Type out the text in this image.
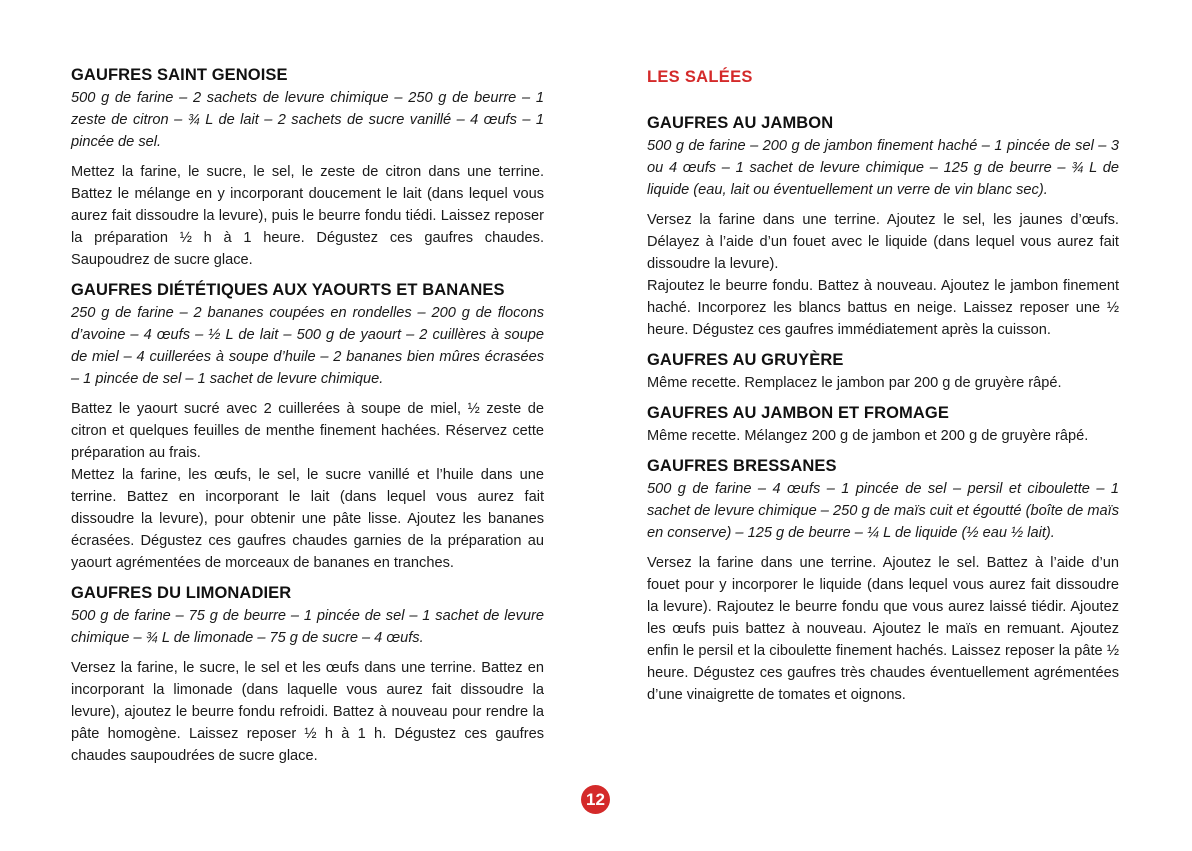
GAUFRES SAINT GENOISE

500 g de farine – 2 sachets de levure chimique – 250 g de beurre – 1 zeste de citron – ¾ L de lait – 2 sachets de sucre vanillé – 4 œufs – 1 pincée de sel.

Mettez la farine, le sucre, le sel, le zeste de citron dans une terrine. Battez le mélange en y incorporant doucement le lait (dans lequel vous aurez fait dissoudre la levure), puis le beurre fondu tiédi. Laissez reposer la préparation ½ h à 1 heure. Dégustez ces gaufres chaudes. Saupoudrez de sucre glace.

GAUFRES DIÉTÉTIQUES AUX YAOURTS ET BANANES

250 g de farine – 2 bananes coupées en rondelles – 200 g de flocons d’avoine – 4 œufs – ½ L de lait – 500 g de yaourt – 2 cuillères à soupe de miel – 4 cuillerées à soupe d’huile – 2 bananes bien mûres écrasées – 1 pincée de sel – 1 sachet de levure chimique.

Battez le yaourt sucré avec 2 cuillerées à soupe de miel, ½ zeste de citron et quelques feuilles de menthe finement hachées. Réservez cette préparation au frais.

Mettez la farine, les œufs, le sel, le sucre vanillé et l’huile dans une terrine. Battez en incorporant le lait (dans lequel vous aurez fait dissoudre la levure), pour obtenir une pâte lisse. Ajoutez les bananes écrasées. Dégustez ces gaufres chaudes garnies de la préparation au yaourt agrémentées de morceaux de bananes en tranches.

GAUFRES DU LIMONADIER

500 g de farine – 75 g de beurre – 1 pincée de sel – 1 sachet de levure chimique – ¾ L de limonade – 75 g de sucre – 4 œufs.

Versez la farine, le sucre, le sel et les œufs dans une terrine. Battez en incorporant la limonade (dans laquelle vous aurez fait dissoudre la levure), ajoutez le beurre fondu refroidi. Battez à nouveau pour rendre la pâte homogène. Laissez reposer ½ h à 1 h. Dégustez ces gaufres chaudes saupoudrées de sucre glace.

LES SALÉES
GAUFRES AU JAMBON

500 g de farine – 200 g de jambon finement haché – 1 pincée de sel – 3 ou 4 œufs – 1 sachet de levure chimique – 125 g de beurre – ¾ L de liquide (eau, lait ou éventuellement un verre de vin blanc sec).

Versez la farine dans une terrine. Ajoutez le sel, les jaunes d’œufs. Délayez à l’aide d’un fouet avec le liquide (dans lequel vous aurez fait dissoudre la levure).

Rajoutez le beurre fondu. Battez à nouveau. Ajoutez le jambon finement haché. Incorporez les blancs battus en neige. Laissez reposer une ½ heure. Dégustez ces gaufres immédiatement après la cuisson.

GAUFRES AU GRUYÈRE

Même recette. Remplacez le jambon par 200 g de gruyère râpé.

GAUFRES AU JAMBON ET FROMAGE

Même recette. Mélangez 200 g de jambon et 200 g de gruyère râpé.

GAUFRES BRESSANES

500 g de farine – 4 œufs – 1 pincée de sel – persil et ciboulette – 1 sachet de levure chimique – 250 g de maïs cuit et égoutté (boîte de maïs en conserve) – 125 g de beurre – ¼ L de liquide (½ eau ½ lait).

Versez la farine dans une terrine. Ajoutez le sel. Battez à l’aide d’un fouet pour y incorporer le liquide (dans lequel vous aurez fait dissoudre la levure). Rajoutez le beurre fondu que vous aurez laissé tiédir. Ajoutez les œufs puis battez à nouveau. Ajoutez le maïs en remuant. Ajoutez enfin le persil et la ciboulette finement hachés. Laissez reposer la pâte ½ heure. Dégustez ces gaufres très chaudes éventuellement agrémentées d’une vinaigrette de tomates et oignons.

12
